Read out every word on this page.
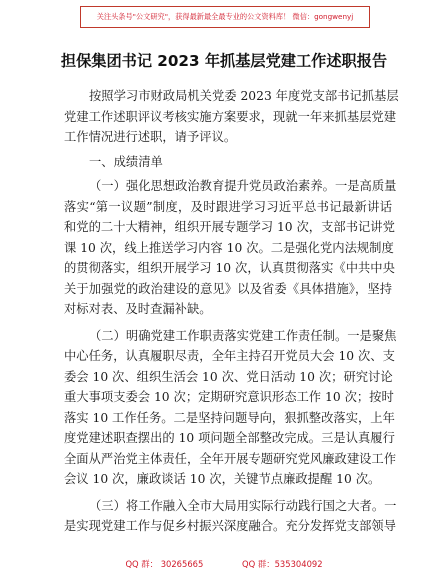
关注头条号"公文研究"，获得最新最全最专业的公文资料库！ 微信：gongwenyj
担保集团书记 2023 年抓基层党建工作述职报告

按照学习市财政局机关党委 2023 年度党支部书记抓基层
党建工作述职评议考核实施方案要求，现就一年来抓基层党建
工作情况进行述职，请予评议。

一、成绩清单

（一）强化思想政治教育提升党员政治素养。一是高质量
落实“第一议题”制度，及时跟进学习习近平总书记最新讲话
和党的二十大精神，组织开展专题学习 10 次，支部书记讲党
课 10 次，线上推送学习内容 10 次。二是强化党内法规制度
的贯彻落实，组织开展学习 10 次，认真贯彻落实《中共中央
关于加强党的政治建设的意见》以及省委《具体措施》，坚持
对标对表、及时查漏补缺。

（二）明确党建工作职责落实党建工作责任制。一是聚焦
中心任务，认真履职尽责，全年主持召开党员大会 10 次、支
委会 10 次、组织生活会 10 次、党日活动 10 次；研究讨论
重大事项支委会 10 次；定期研究意识形态工作 10 次；按时
落实 10 工作任务。二是坚持问题导向，狠抓整改落实，上年
度党建述职查摆出的 10 项问题全部整改完成。三是认真履行
全面从严治党主体责任，全年开展专题研究党风廉政建设工作
会议 10 次，廉政谈话 10 次，关键节点廉政提醒 10 次。

（三）将工作融入全市大局用实际行动践行国之大者。一
是实现党建工作与促乡村振兴深度融合。充分发挥党支部领导

QQ 群： 30265665	QQ 群：535304092
